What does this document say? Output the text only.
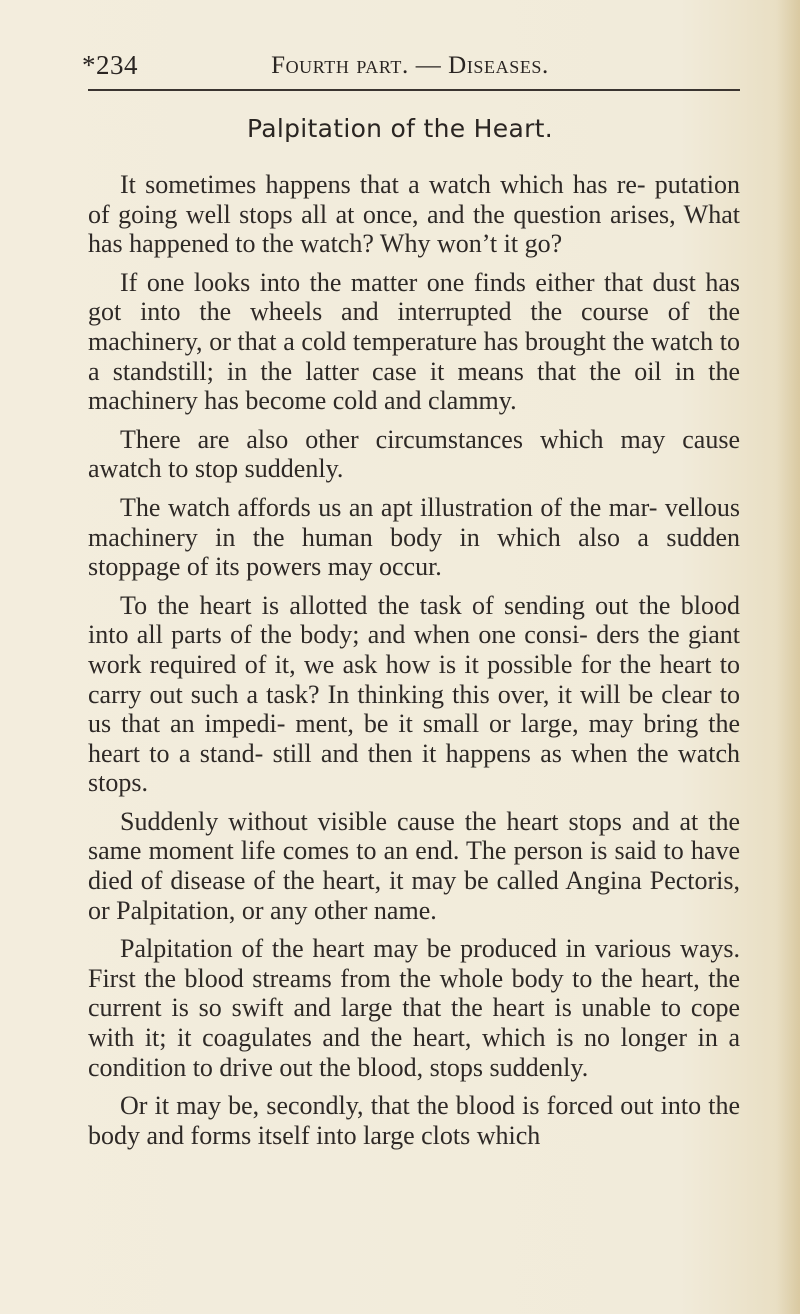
*234	Fourth part. — Diseases.
Palpitation of the Heart.

It sometimes happens that a watch which has re- putation of going well stops all at once, and the question arises, What has happened to the watch? Why won’t it go?

If one looks into the matter one finds either that dust has got into the wheels and interrupted the course of the machinery, or that a cold temperature has brought the watch to a standstill; in the latter case it means that the oil in the machinery has become cold and clammy.

There are also other circumstances which may cause awatch to stop suddenly.

The watch affords us an apt illustration of the mar- vellous machinery in the human body in which also a sudden stoppage of its powers may occur.

To the heart is allotted the task of sending out the blood into all parts of the body; and when one consi- ders the giant work required of it, we ask how is it possible for the heart to carry out such a task? In thinking this over, it will be clear to us that an impedi- ment, be it small or large, may bring the heart to a stand- still and then it happens as when the watch stops.

Suddenly without visible cause the heart stops and at the same moment life comes to an end. The person is said to have died of disease of the heart, it may be called Angina Pectoris, or Palpitation, or any other name.

Palpitation of the heart may be produced in various ways. First the blood streams from the whole body to the heart, the current is so swift and large that the heart is unable to cope with it; it coagulates and the heart, which is no longer in a condition to drive out the blood, stops suddenly.

Or it may be, secondly, that the blood is forced out into the body and forms itself into large clots which
